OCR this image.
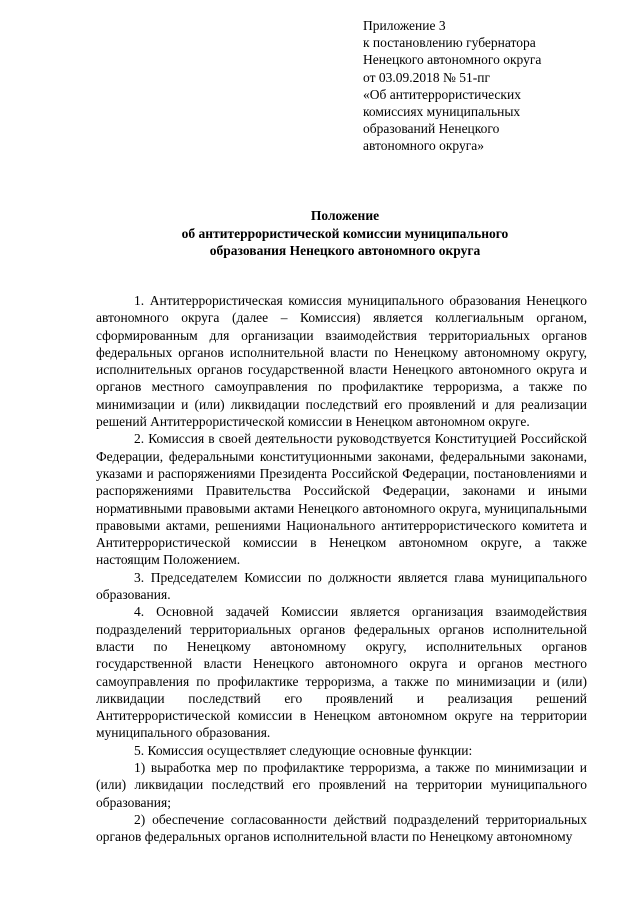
Приложение 3
к постановлению губернатора
Ненецкого автономного округа
от 03.09.2018 № 51-пг
«Об антитеррористических
комиссиях муниципальных
образований Ненецкого
автономного округа»
Положение
об антитеррористической комиссии муниципального
образования Ненецкого автономного округа

1. Антитеррористическая комиссия муниципального образования Ненецкого автономного округа (далее – Комиссия) является коллегиальным органом, сформированным для организации взаимодействия территориальных органов федеральных органов исполнительной власти по Ненецкому автономному округу, исполнительных органов государственной власти Ненецкого автономного округа и органов местного самоуправления по профилактике терроризма, а также по минимизации и (или) ликвидации последствий его проявлений и для реализации решений Антитеррористической комиссии в Ненецком автономном округе.

2. Комиссия в своей деятельности руководствуется Конституцией Российской Федерации, федеральными конституционными законами, федеральными законами, указами и распоряжениями Президента Российской Федерации, постановлениями и распоряжениями Правительства Российской Федерации, законами и иными нормативными правовыми актами Ненецкого автономного округа, муниципальными правовыми актами, решениями Национального антитеррористического комитета и Антитеррористической комиссии в Ненецком автономном округе, а также настоящим Положением.

3. Председателем Комиссии по должности является глава муниципального образования.

4. Основной задачей Комиссии является организация взаимодействия подразделений территориальных органов федеральных органов исполнительной власти по Ненецкому автономному округу, исполнительных органов государственной власти Ненецкого автономного округа и органов местного самоуправления по профилактике терроризма, а также по минимизации и (или) ликвидации последствий его проявлений и реализация решений Антитеррористической комиссии в Ненецком автономном округе на территории муниципального образования.

5. Комиссия осуществляет следующие основные функции:

1) выработка мер по профилактике терроризма, а также по минимизации и (или) ликвидации последствий его проявлений на территории муниципального образования;

2) обеспечение согласованности действий подразделений территориальных органов федеральных органов исполнительной власти по Ненецкому автономному
